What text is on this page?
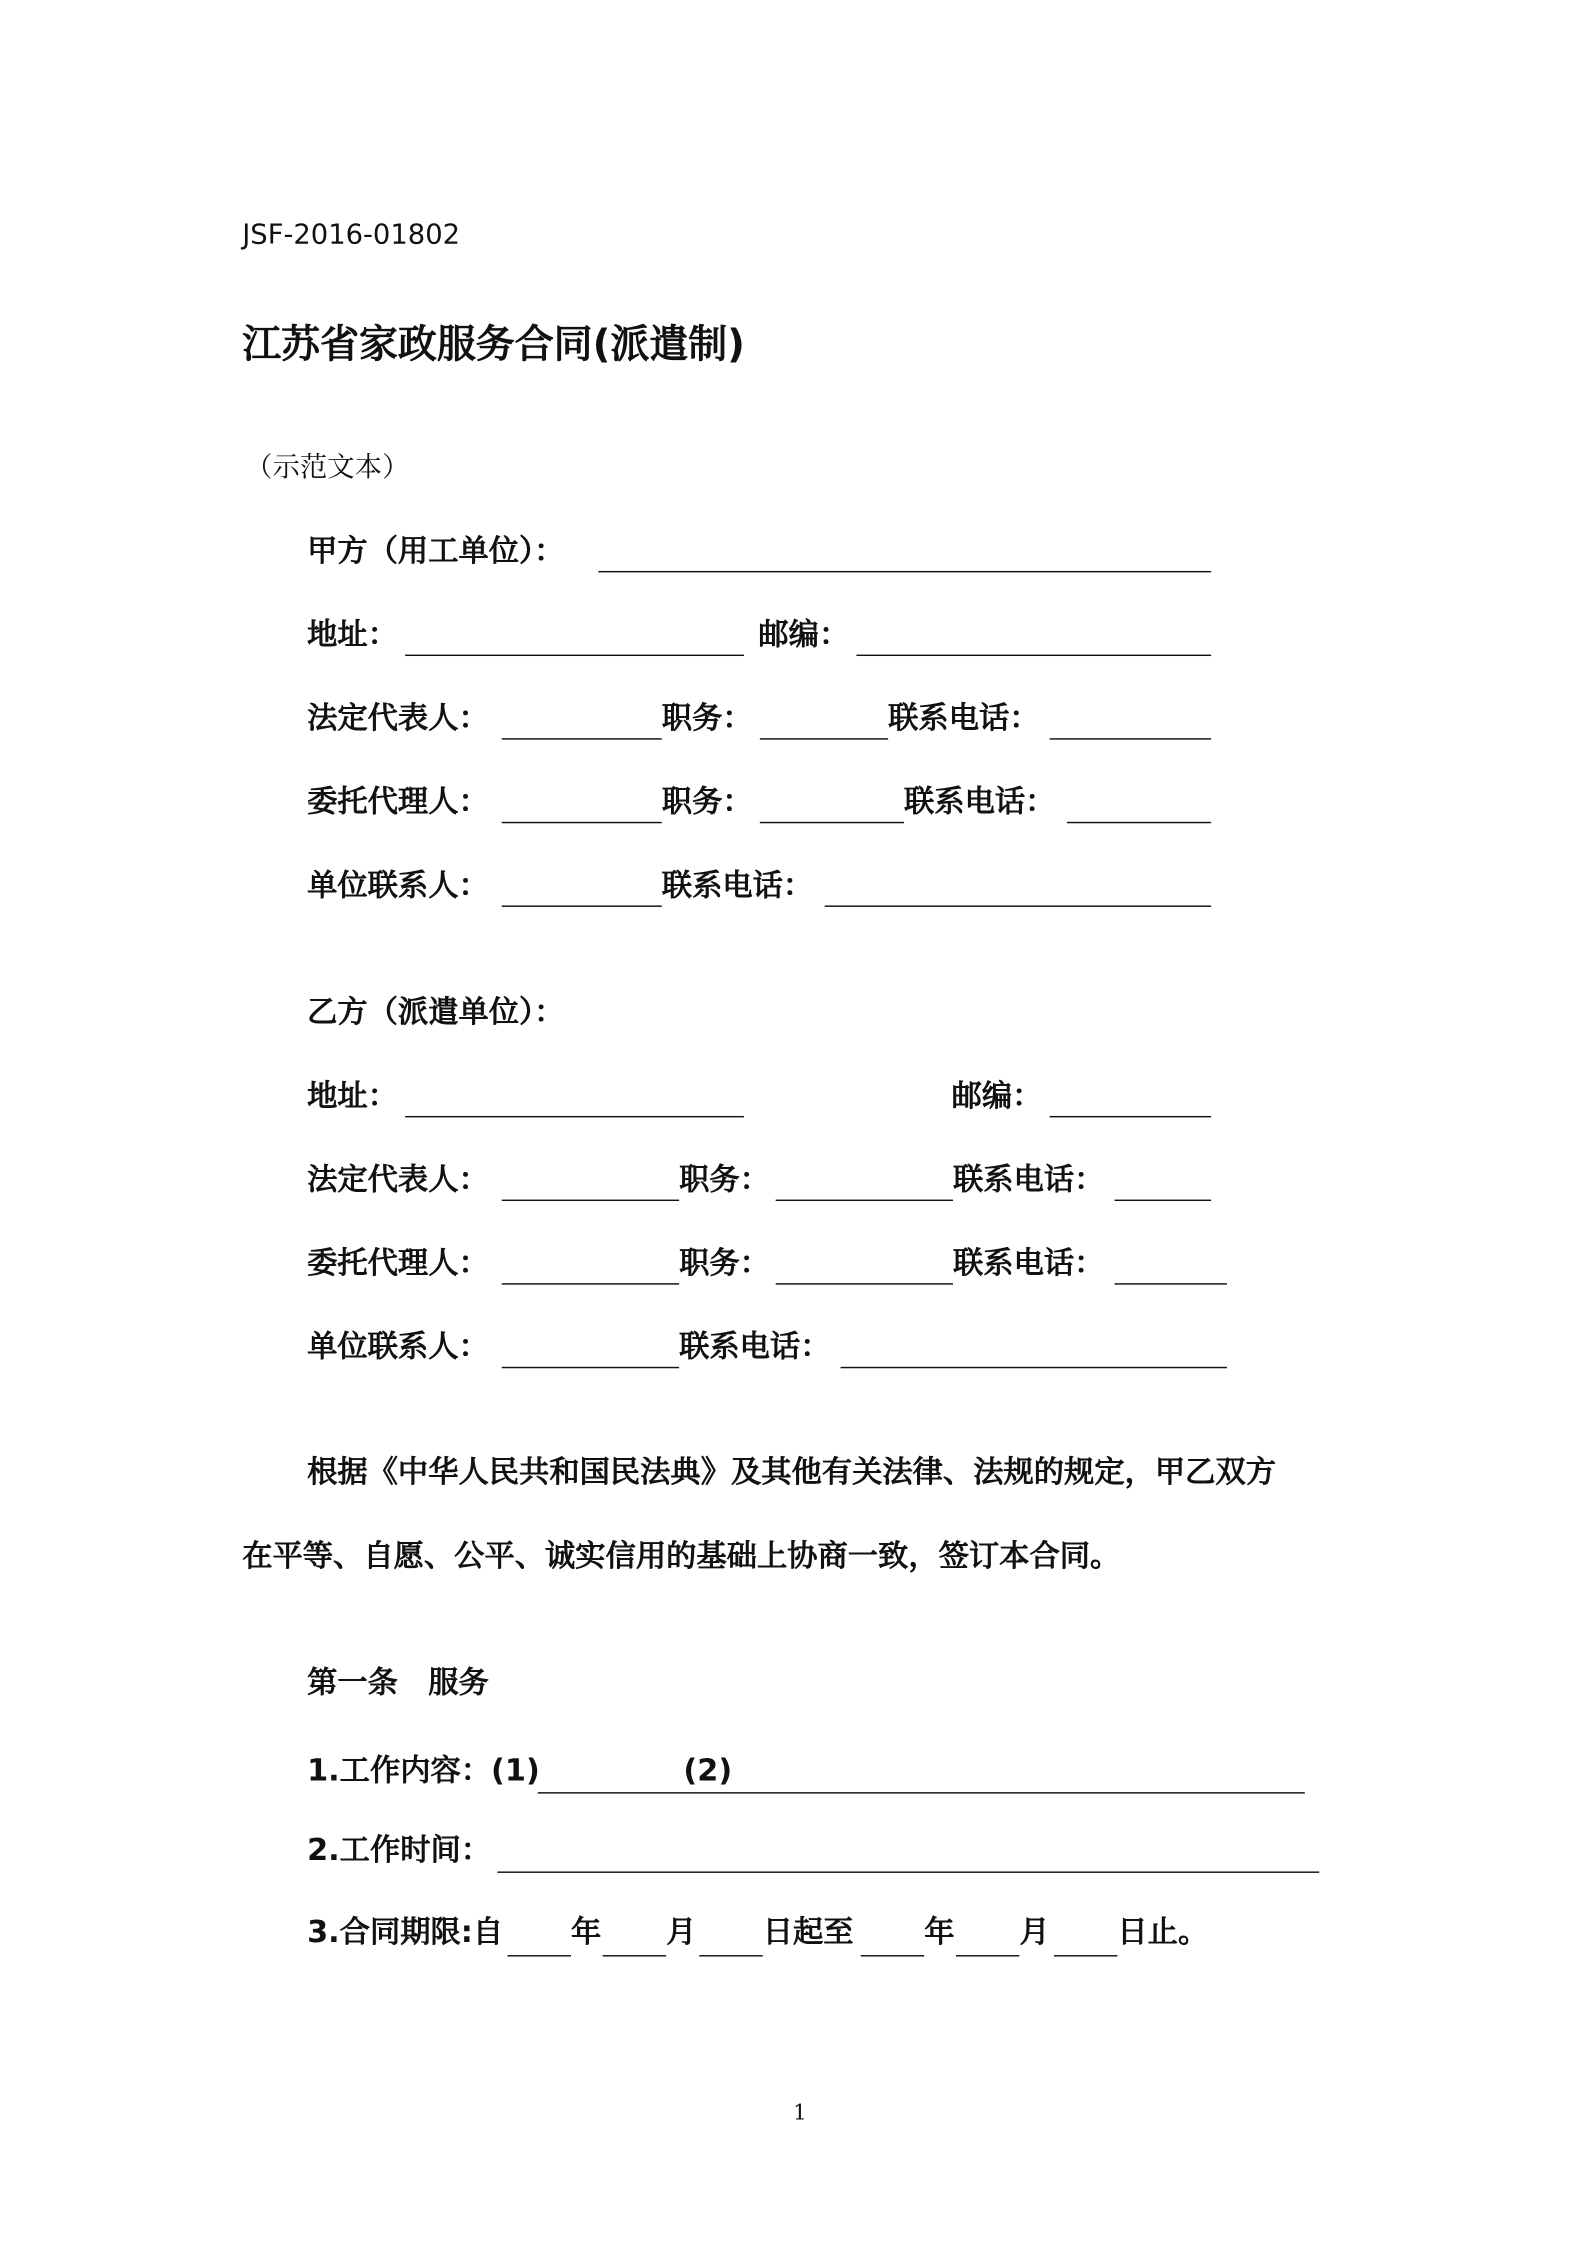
JSF-2016-01802
江苏省家政服务合同(派遣制)
（示范文本）
甲方（用工单位）：
地址：	邮编：
法定代表人：	职务：	联系电话：
委托代理人：	职务：	联系电话：
单位联系人：	联系电话：
乙方（派遣单位）：
地址：	邮编：
法定代表人：	职务：	联系电话：
委托代理人：	职务：	联系电话：
单位联系人：	联系电话：
根据《中华人民共和国民法典》及其他有关法律、法规的规定，甲乙双方
在平等、自愿、公平、诚实信用的基础上协商一致，签订本合同。
第一条　服务
1.工作内容：(1)	(2)
2.工作时间：
3.合同期限:自	年	月	日起至	年	月	日止。
1
